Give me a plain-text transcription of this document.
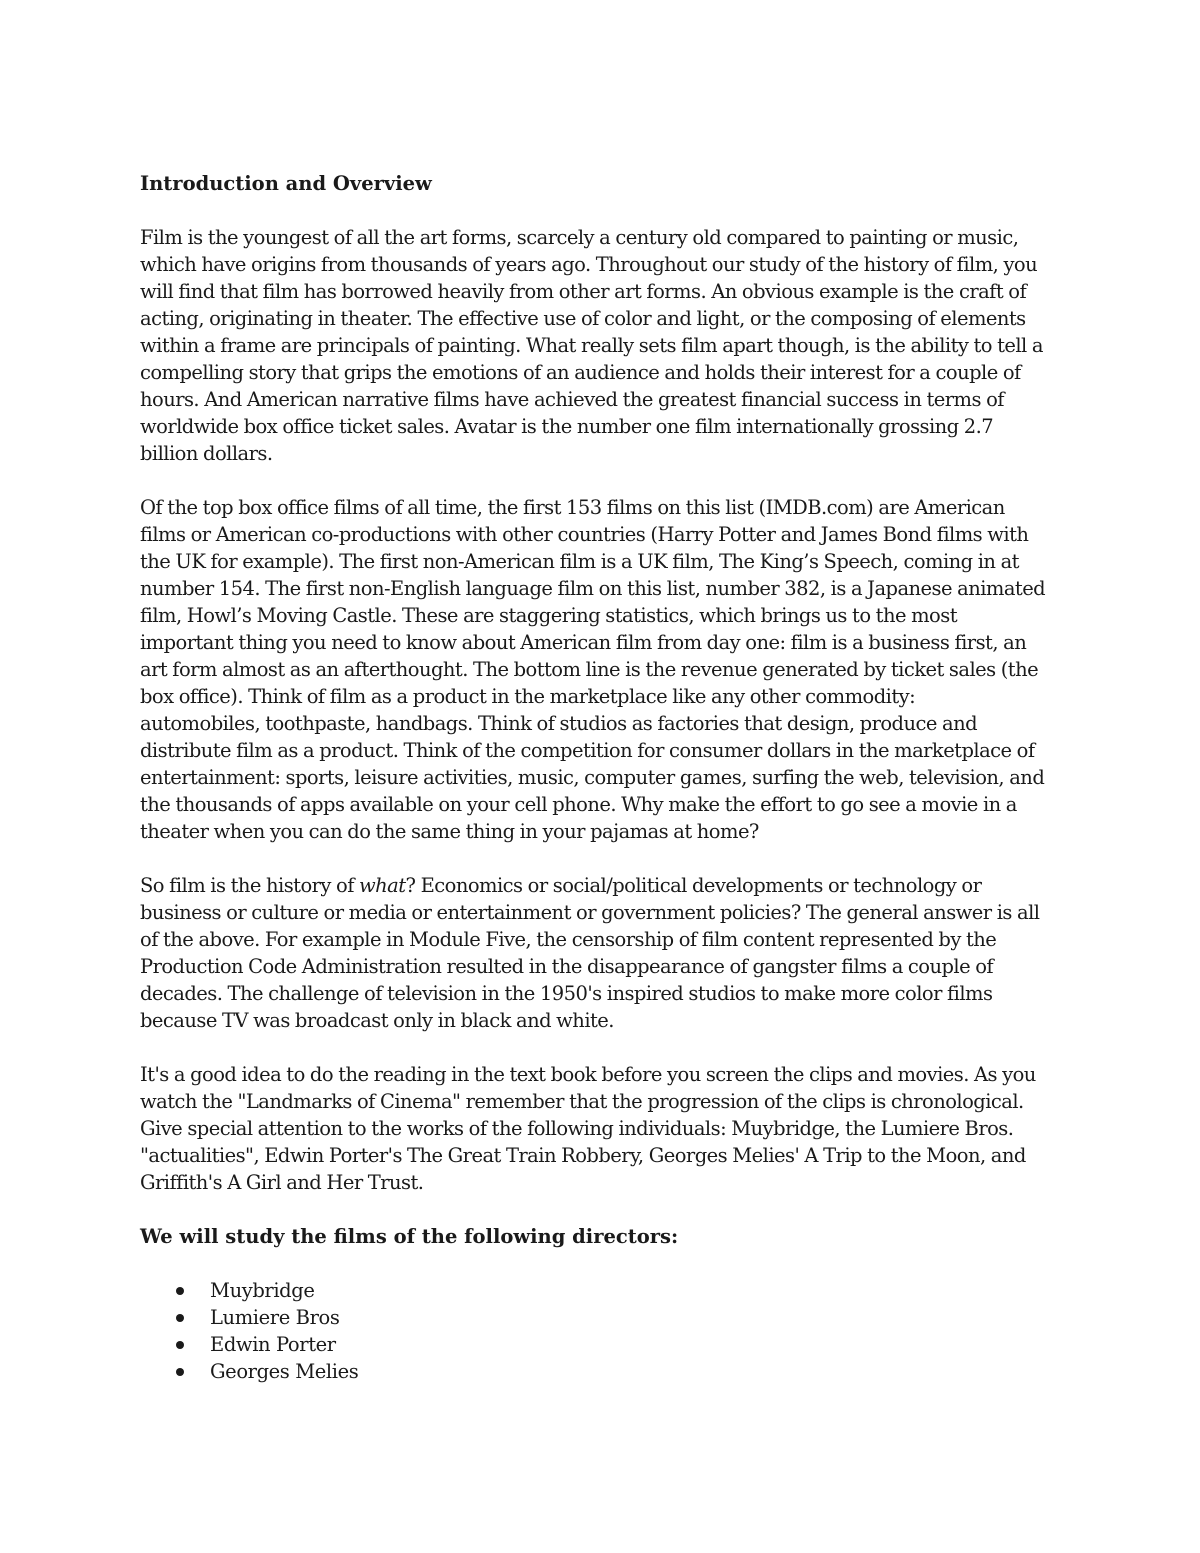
Introduction and Overview
Film is the youngest of all the art forms, scarcely a century old compared to painting or music,
which have origins from thousands of years ago. Throughout our study of the history of film, you
will find that film has borrowed heavily from other art forms. An obvious example is the craft of
acting, originating in theater. The effective use of color and light, or the composing of elements
within a frame are principals of painting. What really sets film apart though, is the ability to tell a
compelling story that grips the emotions of an audience and holds their interest for a couple of
hours. And American narrative films have achieved the greatest financial success in terms of
worldwide box office ticket sales. Avatar is the number one film internationally grossing 2.7
billion dollars.
Of the top box office films of all time, the first 153 films on this list (IMDB.com) are American
films or American co-productions with other countries (Harry Potter and James Bond films with
the UK for example). The first non-American film is a UK film, The King’s Speech, coming in at
number 154. The first non-English language film on this list, number 382, is a Japanese animated
film, Howl’s Moving Castle. These are staggering statistics, which brings us to the most
important thing you need to know about American film from day one: film is a business first, an
art form almost as an afterthought. The bottom line is the revenue generated by ticket sales (the
box office). Think of film as a product in the marketplace like any other commodity:
automobiles, toothpaste, handbags. Think of studios as factories that design, produce and
distribute film as a product. Think of the competition for consumer dollars in the marketplace of
entertainment: sports, leisure activities, music, computer games, surfing the web, television, and
the thousands of apps available on your cell phone. Why make the effort to go see a movie in a
theater when you can do the same thing in your pajamas at home?
So film is the history of what? Economics or social/political developments or technology or
business or culture or media or entertainment or government policies? The general answer is all
of the above. For example in Module Five, the censorship of film content represented by the
Production Code Administration resulted in the disappearance of gangster films a couple of
decades. The challenge of television in the 1950's inspired studios to make more color films
because TV was broadcast only in black and white.
It's a good idea to do the reading in the text book before you screen the clips and movies. As you
watch the "Landmarks of Cinema" remember that the progression of the clips is chronological.
Give special attention to the works of the following individuals: Muybridge, the Lumiere Bros.
"actualities", Edwin Porter's The Great Train Robbery, Georges Melies' A Trip to the Moon, and
Griffith's A Girl and Her Trust.
We will study the films of the following directors:
Muybridge
Lumiere Bros
Edwin Porter
Georges Melies
